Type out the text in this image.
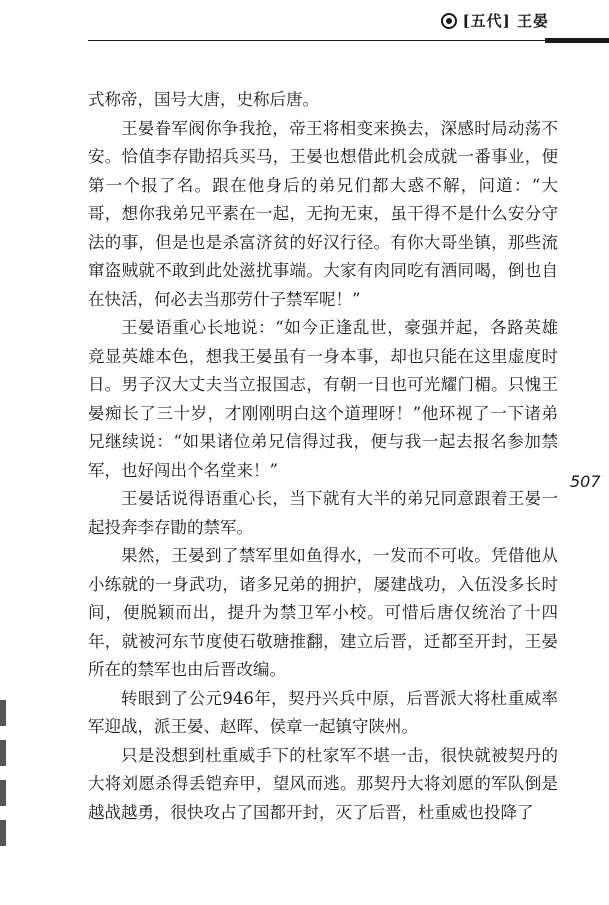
[五代] 王晏

式称帝，国号大唐，史称后唐。

王晏眷军阀你争我抢，帝王将相变来换去，深感时局动荡不安。恰值李存勖招兵买马，王晏也想借此机会成就一番事业，便第一个报了名。跟在他身后的弟兄们都大惑不解，问道：“大哥，想你我弟兄平素在一起，无拘无束，虽干得不是什么安分守法的事，但是也是杀富济贫的好汉行径。有你大哥坐镇，那些流窜盗贼就不敢到此处滋扰事端。大家有肉同吃有酒同喝，倒也自在快活，何必去当那劳什子禁军呢！”

王晏语重心长地说：“如今正逢乱世，豪强并起，各路英雄竞显英雄本色，想我王晏虽有一身本事，却也只能在这里虚度时日。男子汉大丈夫当立报国志，有朝一日也可光耀门楣。只愧王晏痴长了三十岁，才刚刚明白这个道理呀！”他环视了一下诸弟兄继续说：“如果诸位弟兄信得过我，便与我一起去报名参加禁军，也好闯出个名堂来！”

王晏话说得语重心长，当下就有大半的弟兄同意跟着王晏一起投奔李存勖的禁军。

果然，王晏到了禁军里如鱼得水，一发而不可收。凭借他从小练就的一身武功，诸多兄弟的拥护，屡建战功，入伍没多长时间，便脱颖而出，提升为禁卫军小校。可惜后唐仅统治了十四年，就被河东节度使石敬瑭推翻，建立后晋，迁都至开封，王晏所在的禁军也由后晋改编。

转眼到了公元946年，契丹兴兵中原，后晋派大将杜重威率军迎战，派王晏、赵晖、侯章一起镇守陕州。

只是没想到杜重威手下的杜家军不堪一击，很快就被契丹的大将刘愿杀得丢铠弃甲，望风而逃。那契丹大将刘愿的军队倒是越战越勇，很快攻占了国都开封，灭了后晋，杜重威也投降了

507
